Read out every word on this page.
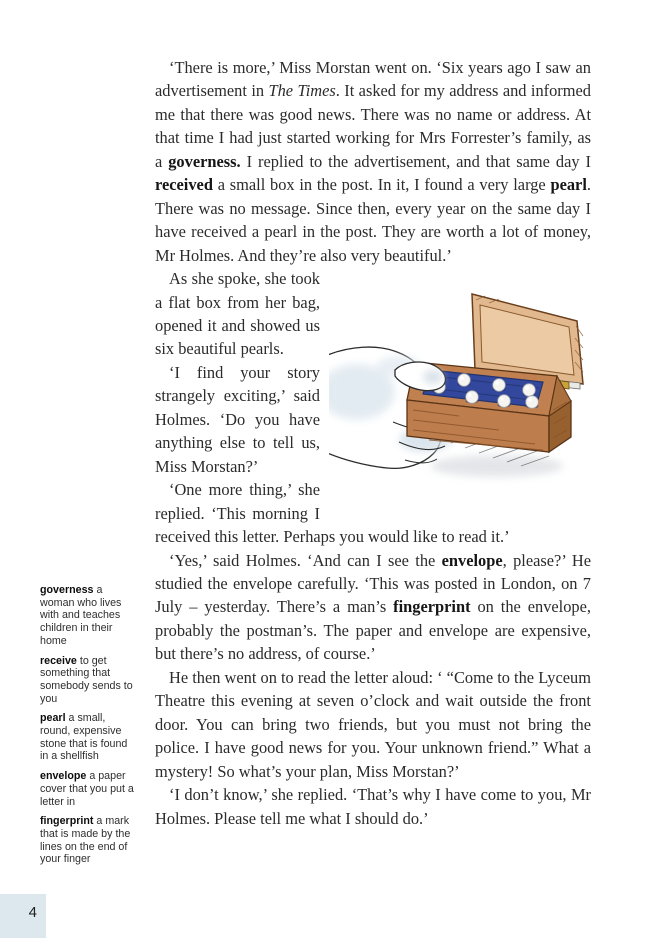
‘There is more,’ Miss Morstan went on. ‘Six years ago I saw an advertisement in The Times. It asked for my address and informed me that there was good news. There was no name or address. At that time I had just started working for Mrs Forrester’s family, as a governess. I replied to the advertisement, and that same day I received a small box in the post. In it, I found a very large pearl. There was no message. Since then, every year on the same day I have received a pearl in the post. They are worth a lot of money, Mr Holmes. And they’re also very beautiful.’

As she spoke, she took a flat box from her bag, opened it and showed us six beautiful pearls.

‘I find your story strangely exciting,’ said Holmes. ‘Do you have anything else to tell us, Miss Morstan?’

‘One more thing,’ she replied. ‘This morning I received this letter. Perhaps you would like to read it.’

‘Yes,’ said Holmes. ‘And can I see the envelope, please?’ He studied the envelope carefully. ‘This was posted in London, on 7 July – yesterday. There’s a man’s fingerprint on the envelope, probably the postman’s. The paper and envelope are expensive, but there’s no address, of course.’

He then went on to read the letter aloud: ‘ “Come to the Lyceum Theatre this evening at seven o’clock and wait outside the front door. You can bring two friends, but you must not bring the police. I have good news for you. Your unknown friend.” What a mystery! So what’s your plan, Miss Morstan?’

‘I don’t know,’ she replied. ‘That’s why I have come to you, Mr Holmes. Please tell me what I should do.’

governess a woman who lives with and teaches children in their home
receive to get something that somebody sends to you
pearl a small, round, expensive stone that is found in a shellfish
envelope a paper cover that you put a letter in
fingerprint a mark that is made by the lines on the end of your finger
4
